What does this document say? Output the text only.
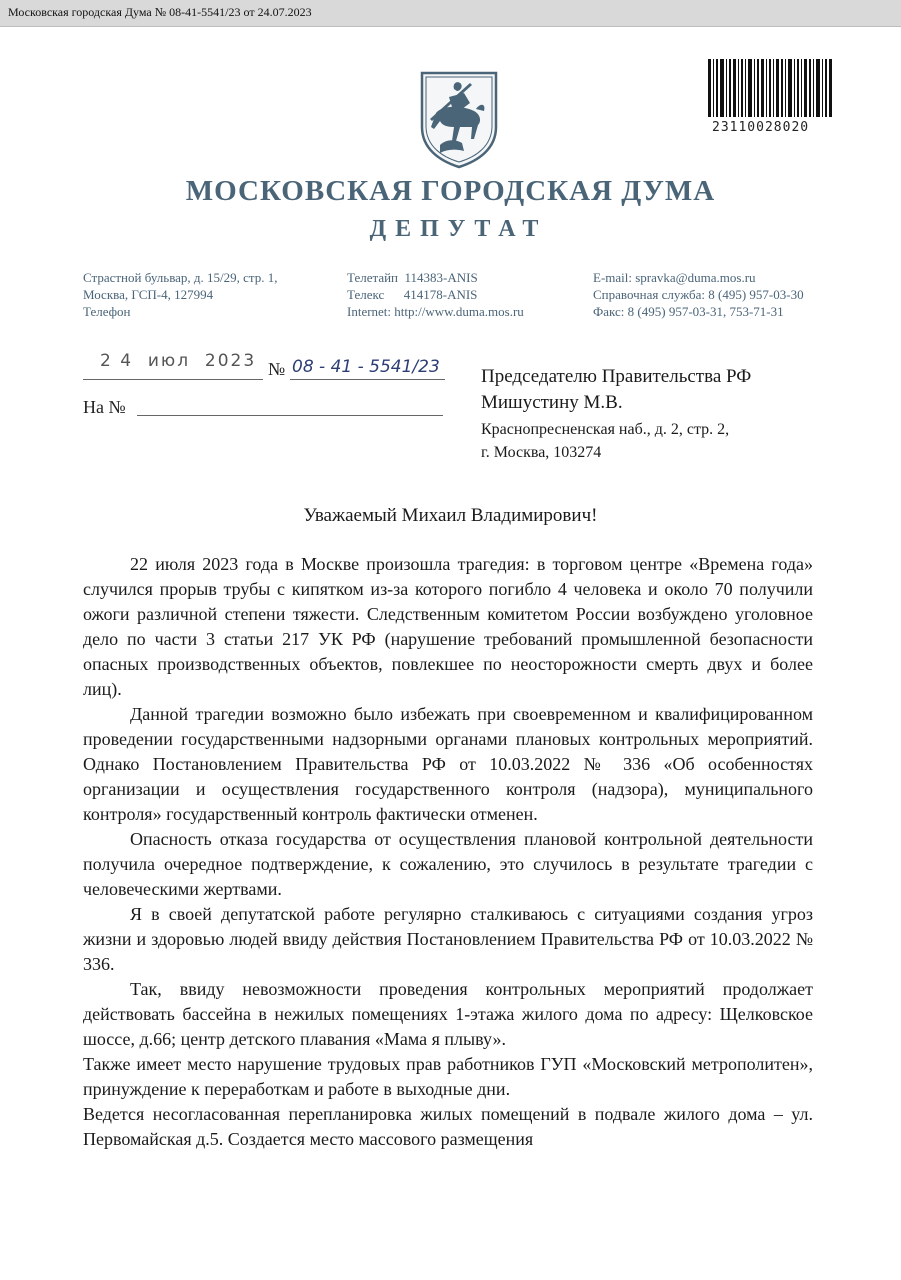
Московская городская Дума № 08-41-5541/23 от 24.07.2023
23110028020
МОСКОВСКАЯ ГОРОДСКАЯ ДУМА
ДЕПУТАТ
Страстной бульвар, д. 15/29, стр. 1,
Москва, ГСП-4, 127994
Телефон
Телетайп  114383-ANIS
Телекс      414178-ANIS
Internet: http://www.duma.mos.ru
E-mail: spravka@duma.mos.ru
Справочная служба: 8 (495) 957-03-30
Факс: 8 (495) 957-03-31, 753-71-31
2 4  июл  2023 № 08 - 41 - 5541/23
На №
Председателю Правительства РФ
Мишустину М.В.
Краснопресненская наб., д. 2, стр. 2,
г. Москва, 103274
Уважаемый Михаил Владимирович!

22 июля 2023 года в Москве произошла трагедия: в торговом центре «Времена года» случился прорыв трубы с кипятком из-за которого погибло 4 человека и около 70 получили ожоги различной степени тяжести. Следственным комитетом России возбуждено уголовное дело по части 3 статьи 217 УК РФ (нарушение требований промышленной безопасности опасных производственных объектов, повлекшее по неосторожности смерть двух и более лиц).

Данной трагедии возможно было избежать при своевременном и квалифицированном проведении государственными надзорными органами плановых контрольных мероприятий. Однако Постановлением Правительства РФ от 10.03.2022 № 336 «Об особенностях организации и осуществления государственного контроля (надзора), муниципального контроля» государственный контроль фактически отменен.

Опасность отказа государства от осуществления плановой контрольной деятельности получила очередное подтверждение, к сожалению, это случилось в результате трагедии с человеческими жертвами.

Я в своей депутатской работе регулярно сталкиваюсь с ситуациями создания угроз жизни и здоровью людей ввиду действия Постановлением Правительства РФ от 10.03.2022 № 336.

Так, ввиду невозможности проведения контрольных мероприятий продолжает действовать бассейна в нежилых помещениях 1-этажа жилого дома по адресу: Щелковское шоссе, д.66; центр детского плавания «Мама я плыву».

Также имеет место нарушение трудовых прав работников ГУП «Московский метрополитен», принуждение к переработкам и работе в выходные дни.

Ведется несогласованная перепланировка жилых помещений в подвале жилого дома – ул. Первомайская д.5. Создается место массового размещения
